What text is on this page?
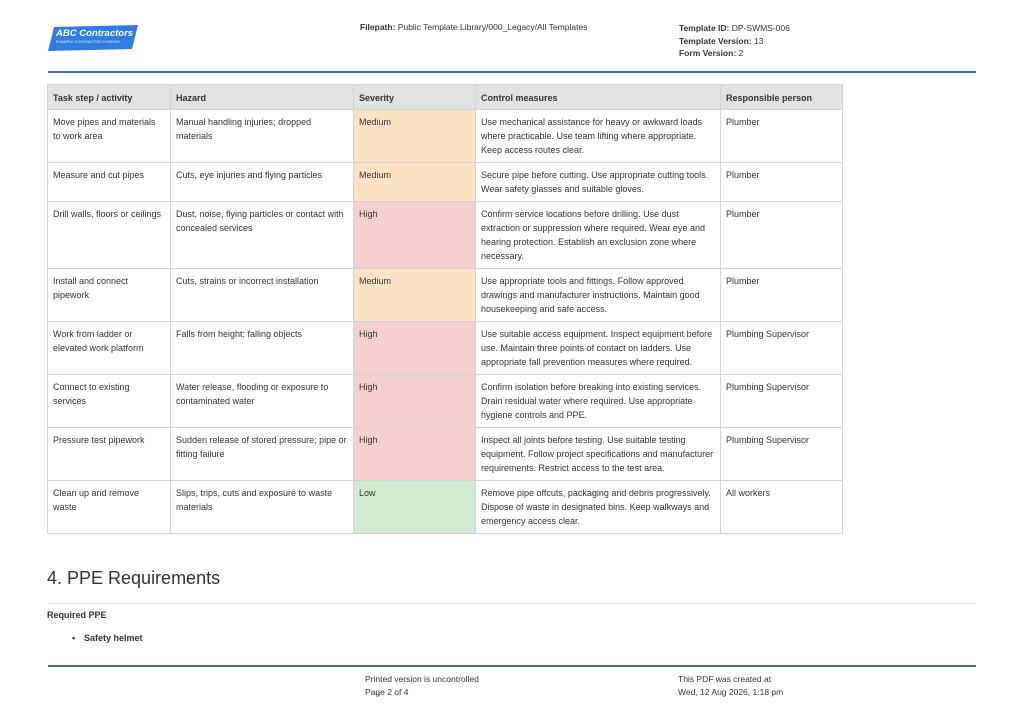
ABC Contractors
EXAMPLE CONTRACTOR COMPANY
Filepath: Public Template Library/000_Legacy/All Templates	Template ID: DP-SWMS-006
Template Version: 13
Form Version: 2
Task step / activity	Hazard	Severity	Control measures	Responsible person
Move pipes and materials to work area	Manual handling injuries; dropped materials	Medium	Use mechanical assistance for heavy or awkward loads where practicable. Use team lifting where appropriate. Keep access routes clear.	Plumber
Measure and cut pipes	Cuts, eye injuries and flying particles	Medium	Secure pipe before cutting. Use appropriate cutting tools. Wear safety glasses and suitable gloves.	Plumber
Drill walls, floors or ceilings	Dust, noise, flying particles or contact with concealed services	High	Confirm service locations before drilling. Use dust extraction or suppression where required. Wear eye and hearing protection. Establish an exclusion zone where necessary.	Plumber
Install and connect pipework	Cuts, strains or incorrect installation	Medium	Use appropriate tools and fittings. Follow approved drawings and manufacturer instructions. Maintain good housekeeping and safe access.	Plumber
Work from ladder or elevated work platform	Falls from height; falling objects	High	Use suitable access equipment. Inspect equipment before use. Maintain three points of contact on ladders. Use appropriate fall prevention measures where required.	Plumbing Supervisor
Connect to existing services	Water release, flooding or exposure to contaminated water	High	Confirm isolation before breaking into existing services. Drain residual water where required. Use appropriate hygiene controls and PPE.	Plumbing Supervisor
Pressure test pipework	Sudden release of stored pressure; pipe or fitting failure	High	Inspect all joints before testing. Use suitable testing equipment. Follow project specifications and manufacturer requirements. Restrict access to the test area.	Plumbing Supervisor
Clean up and remove waste	Slips, trips, cuts and exposure to waste materials	Low	Remove pipe offcuts, packaging and debris progressively. Dispose of waste in designated bins. Keep walkways and emergency access clear.	All workers
4. PPE Requirements
Required PPE
• Safety helmet
Printed version is uncontrolled
Page 2 of 4
This PDF was created at
Wed, 12 Aug 2026, 1:18 pm
